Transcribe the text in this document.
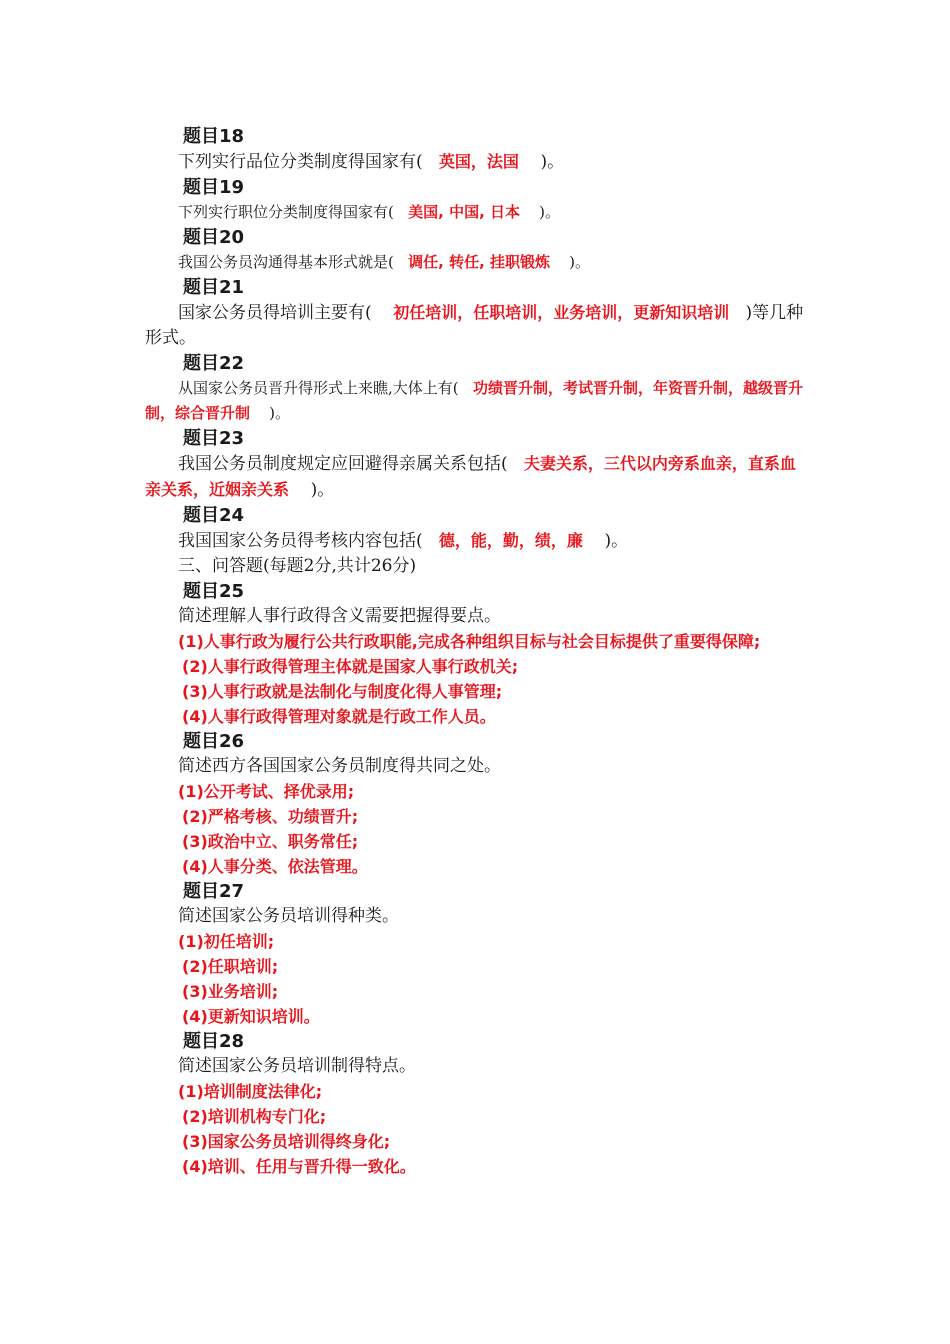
题目18
下列实行品位分类制度得国家有( 英国，法国 )。
题目19
下列实行职位分类制度得国家有( 美国, 中国, 日本 )。
题目20
我国公务员沟通得基本形式就是( 调任, 转任, 挂职锻炼 )。
题目21
国家公务员得培训主要有( 初任培训，任职培训，业务培训，更新知识培训 )等几种形式。
题目22
从国家公务员晋升得形式上来瞧,大体上有( 功绩晋升制，考试晋升制，年资晋升制，越级晋升制，综合晋升制 )。
题目23
我国公务员制度规定应回避得亲属关系包括( 夫妻关系，三代以内旁系血亲，直系血亲关系，近姻亲关系 )。
题目24
我国国家公务员得考核内容包括( 德，能，勤，绩，廉 )。
三、问答题(每题2分,共计26分)
题目25
简述理解人事行政得含义需要把握得要点。
(1)人事行政为履行公共行政职能,完成各种组织目标与社会目标提供了重要得保障;
(2)人事行政得管理主体就是国家人事行政机关;
(3)人事行政就是法制化与制度化得人事管理;
(4)人事行政得管理对象就是行政工作人员。
题目26
简述西方各国国家公务员制度得共同之处。
(1)公开考试、择优录用;
(2)严格考核、功绩晋升;
(3)政治中立、职务常任;
(4)人事分类、依法管理。
题目27
简述国家公务员培训得种类。
(1)初任培训;
(2)任职培训;
(3)业务培训;
(4)更新知识培训。
题目28
简述国家公务员培训制得特点。
(1)培训制度法律化;
(2)培训机构专门化;
(3)国家公务员培训得终身化;
(4)培训、任用与晋升得一致化。
